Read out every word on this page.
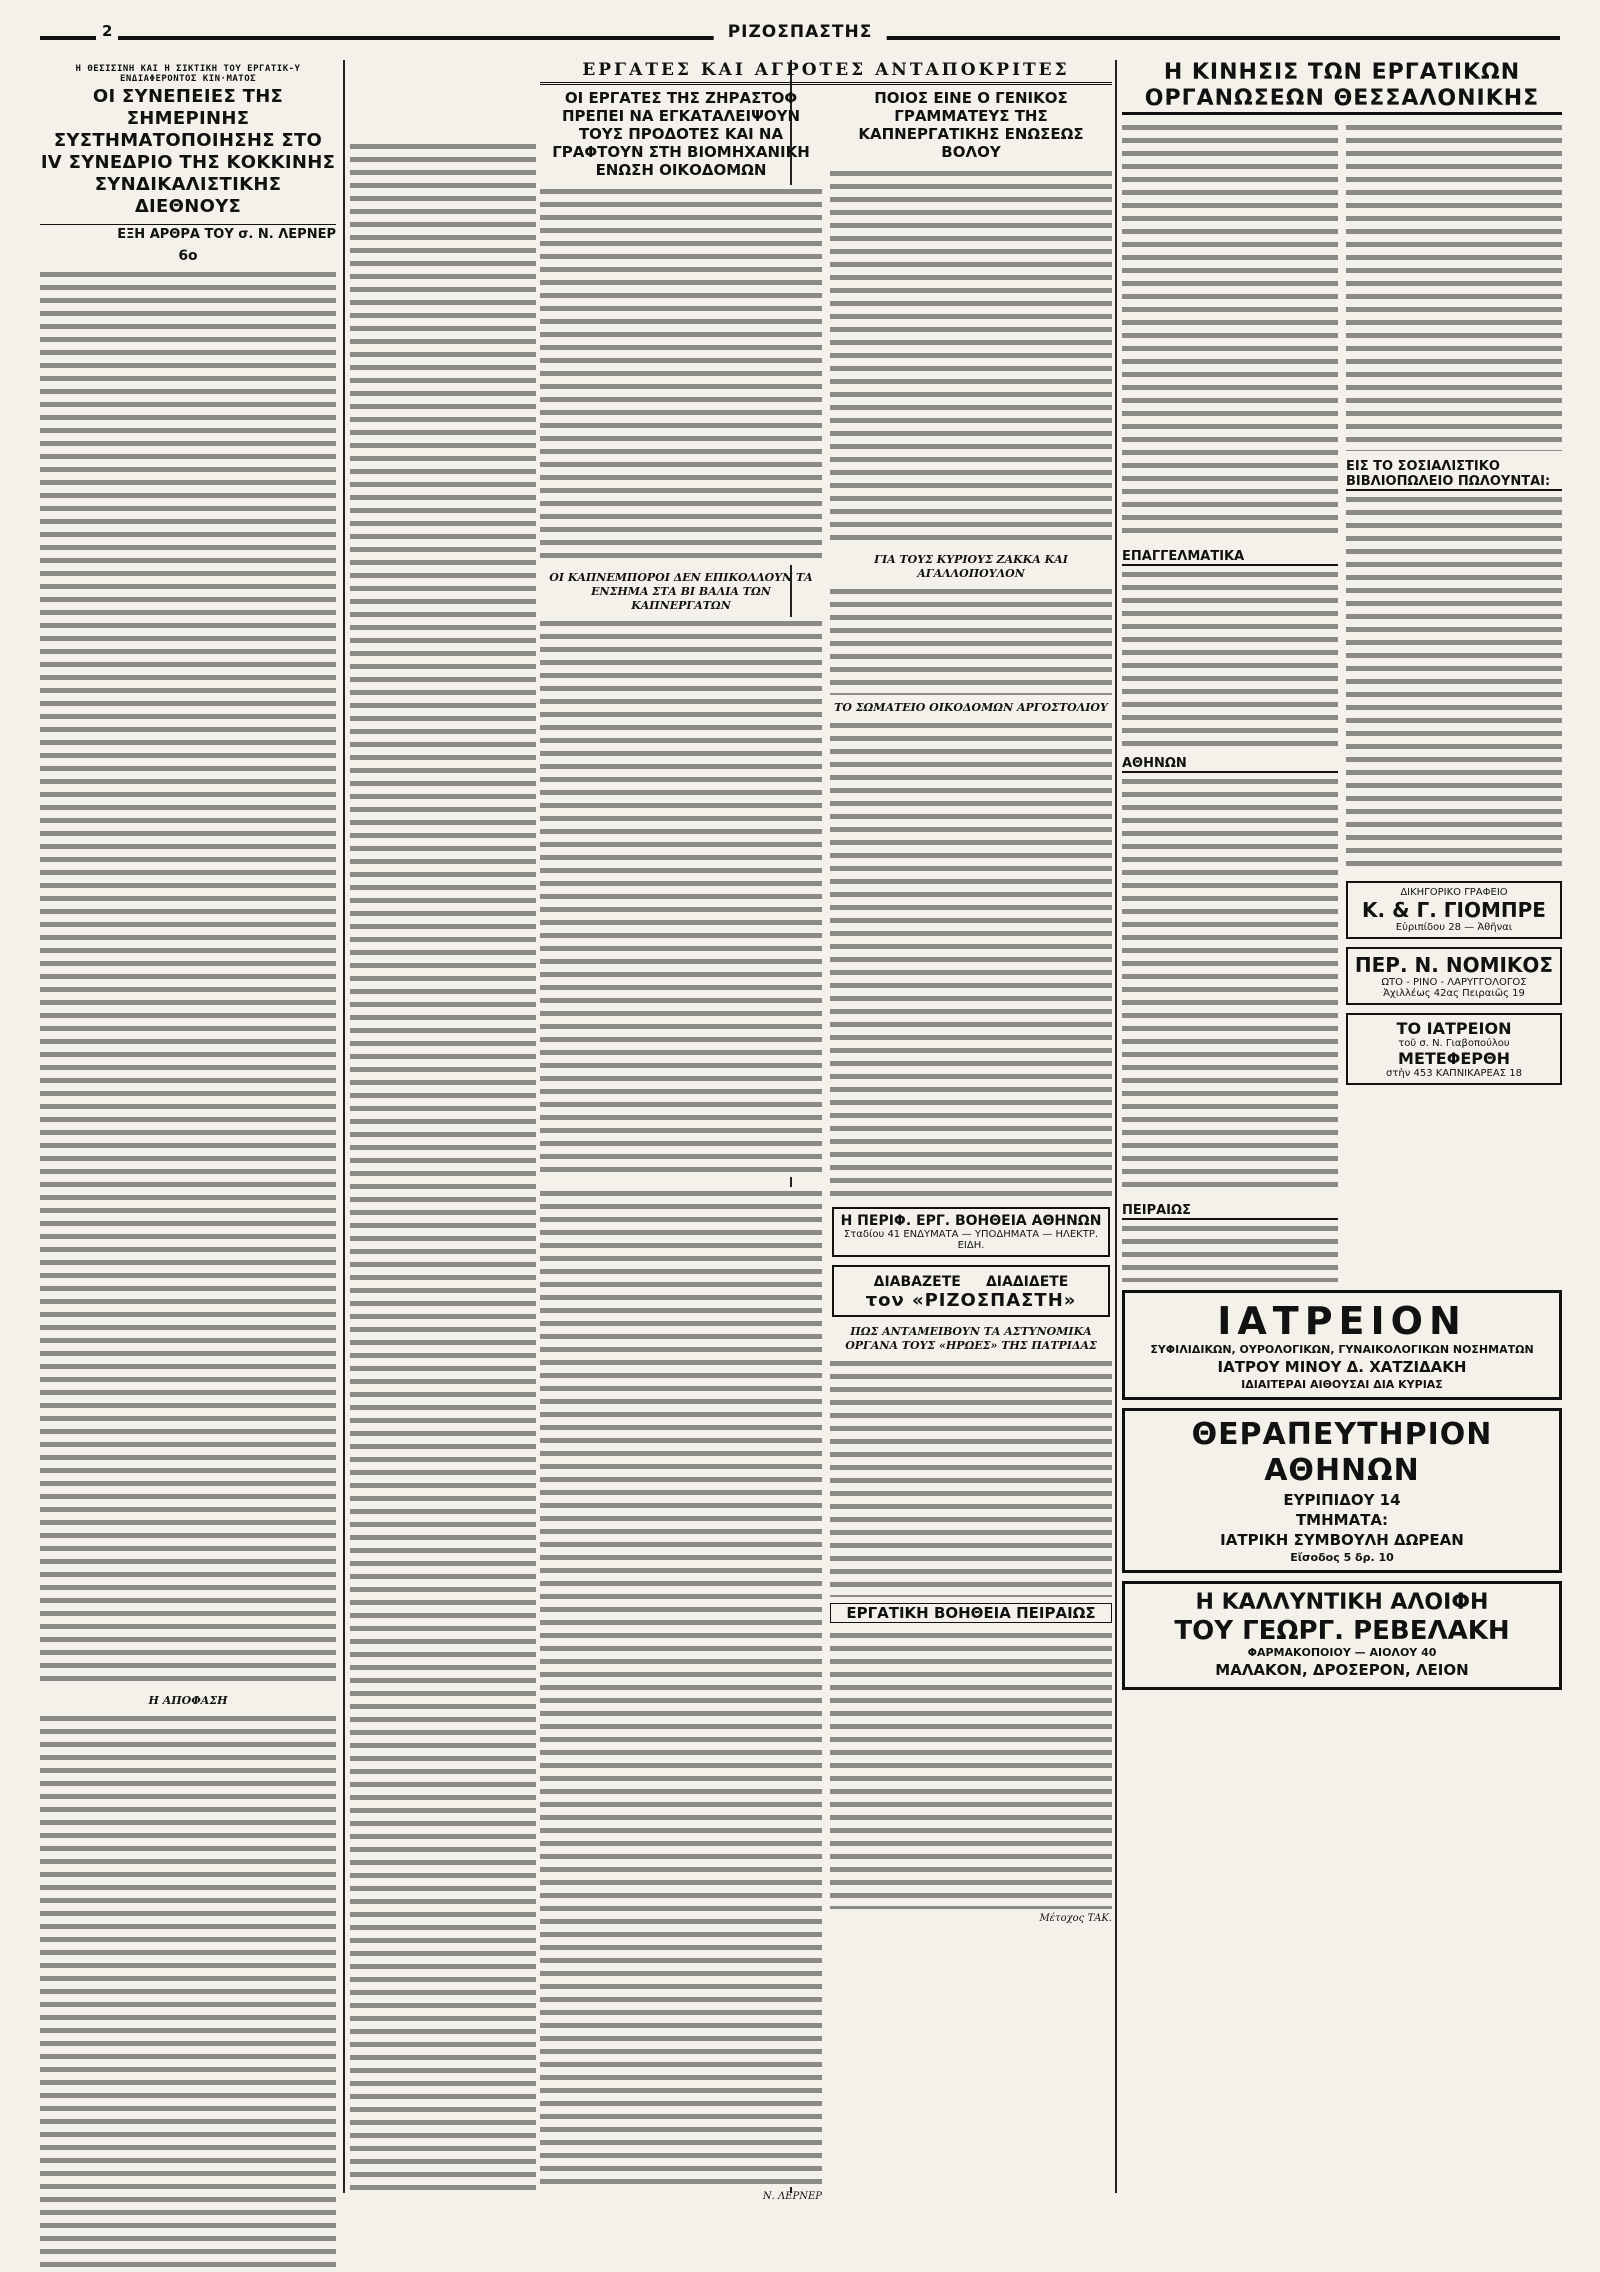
2	ΡΙΖΟΣΠΑΣΤΗΣ
Η ΘΕΣΙΣΙΝΗ ΚΑΙ Η ΣΙΚΤΙΚΗ ΤΟΥ ΕΡΓΑΤΙΚ-Υ ΕΝΔΙΑΦΕΡΟΝΤΟΣ ΚΙΝ·ΜΑΤΟΣ
ΟΙ ΣΥΝΕΠΕΙΕΣ ΤΗΣ ΣΗΜΕΡΙΝΗΣ ΣΥΣΤΗΜΑΤΟΠΟΙΗΣΗΣ ΣΤΟ IV ΣΥΝΕΔΡΙΟ ΤΗΣ ΚΟΚΚΙΝΗΣ ΣΥΝΔΙΚΑΛΙΣΤΙΚΗΣ ΔΙΕΘΝΟΥΣ
ΕΞΗ ΑΡΘΡΑ ΤΟΥ σ. Ν. ΛΕΡΝΕΡ
6ο
Η ΑΠΟΦΑΣΗ
ΕΡΓΑΤΕΣ ΚΑΙ ΑΓΡΟΤΕΣ ΑΝΤΑΠΟΚΡΙΤΕΣ
ΟΙ ΕΡΓΑΤΕΣ ΤΗΣ ΖΗΡΑΣΤΟΦ ΠΡΕΠΕΙ ΝΑ ΕΓΚΑΤΑΛΕΙΨΟΥΝ ΤΟΥΣ ΠΡΟΔΟΤΕΣ ΚΑΙ ΝΑ ΓΡΑΦΤΟΥΝ ΣΤΗ ΒΙΟΜΗΧΑΝΙΚΗ ΕΝΩΣΗ ΟΙΚΟΔΟΜΩΝ
ΟΙ ΚΑΠΝΕΜΠΟΡΟΙ ΔΕΝ ΕΠΙΚΟΛΛΟΥΝ ΤΑ ΕΝΣΗΜΑ ΣΤΑ ΒΙ ΒΑΛΙΑ ΤΩΝ ΚΑΠΝΕΡΓΑΤΩΝ
Ν. ΛΕΡΝΕΡ
ΠΟΙΟΣ ΕΙΝΕ Ο ΓΕΝΙΚΟΣ ΓΡΑΜΜΑΤΕΥΣ ΤΗΣ ΚΑΠΝΕΡΓΑΤΙΚΗΣ ΕΝΩΣΕΩΣ ΒΟΛΟΥ
ΓΙΑ ΤΟΥΣ ΚΥΡΙΟΥΣ ΖΑΚΚΑ ΚΑΙ ΑΓΑΛΛΟΠΟΥΛΟΝ
ΤΟ ΣΩΜΑΤΕΙΟ ΟΙΚΟΔΟΜΩΝ ΑΡΓΟΣΤΟΛΙΟΥ
Η ΠΕΡΙΦ. ΕΡΓ. ΒΟΗΘΕΙΑ ΑΘΗΝΩΝ
Σταδίου 41 ΕΝΔΥΜΑΤΑ — ΥΠΟΔΗΜΑΤΑ — ΗΛΕΚΤΡ. ΕΙΔΗ.
ΔΙΑΒΑΖΕΤΕ ΔΙΑΔΙΔΕΤΕ
τον «ΡΙΖΟΣΠΑΣΤΗ»
ΠΩΣ ΑΝΤΑΜΕΙΒΟΥΝ ΤΑ ΑΣΤΥΝΟΜΙΚΑ ΟΡΓΑΝΑ ΤΟΥΣ «ΗΡΩΕΣ» ΤΗΣ ΠΑΤΡΙΔΑΣ
ΕΡΓΑΤΙΚΗ ΒΟΗΘΕΙΑ ΠΕΙΡΑΙΩΣ
Μέτοχος ΤΑΚ.
Η ΚΙΝΗΣΙΣ ΤΩΝ ΕΡΓΑΤΙΚΩΝ ΟΡΓΑΝΩΣΕΩΝ ΘΕΣΣΑΛΟΝΙΚΗΣ
ΕΠΑΓΓΕΛΜΑΤΙΚΑ
ΑΘΗΝΩΝ
ΠΕΙΡΑΙΩΣ
ΕΙΣ ΤΟ ΣΟΣΙΑΛΙΣΤΙΚΟ ΒΙΒΛΙΟΠΩΛΕΙΟ ΠΩΛΟΥΝΤΑΙ:
ΔΙΚΗΓΟΡΙΚΟ ΓΡΑΦΕΙΟ
Κ. & Γ. ΓΙΟΜΠΡΕ
Εὐριπίδου 28 — Ἀθῆναι
ΠΕΡ. Ν. ΝΟΜΙΚΟΣ
ΩΤΟ - ΡΙΝΟ - ΛΑΡΥΓΓΟΛΟΓΟΣ
Ἀχιλλέως 42ας Πειραιῶς 19
ΤΟ ΙΑΤΡΕΙΟΝ
τοῦ σ. Ν. Γιαβοπούλου
ΜΕΤΕΦΕΡΘΗ
στὴν 453 ΚΑΠΝΙΚΑΡΕΑΣ 18
ΙΑΤΡΕΙΟΝ
ΣΥΦΙΛΙΔΙΚΩΝ, ΟΥΡΟΛΟΓΙΚΩΝ, ΓΥΝΑΙΚΟΛΟΓΙΚΩΝ ΝΟΣΗΜΑΤΩΝ
ΙΑΤΡΟΥ ΜΙΝΟΥ Δ. ΧΑΤΖΙΔΑΚΗ
ΙΔΙΑΙΤΕΡΑΙ ΑΙΘΟΥΣΑΙ ΔΙΑ ΚΥΡΙΑΣ
ΘΕΡΑΠΕΥΤΗΡΙΟΝ ΑΘΗΝΩΝ
ΕΥΡΙΠΙΔΟΥ 14
ΤΜΗΜΑΤΑ:
ΙΑΤΡΙΚΗ ΣΥΜΒΟΥΛΗ ΔΩΡΕΑΝ
Εἴσοδος 5 δρ. 10
Η ΚΑΛΛΥΝΤΙΚΗ ΑΛΟΙΦΗ
ΤΟΥ ΓΕΩΡΓ. ΡΕΒΕΛΑΚΗ
ΦΑΡΜΑΚΟΠΟΙΟΥ — ΑΙΟΛΟΥ 40
ΜΑΛΑΚΟΝ, ΔΡΟΣΕΡΟΝ, ΛΕΙΟΝ
